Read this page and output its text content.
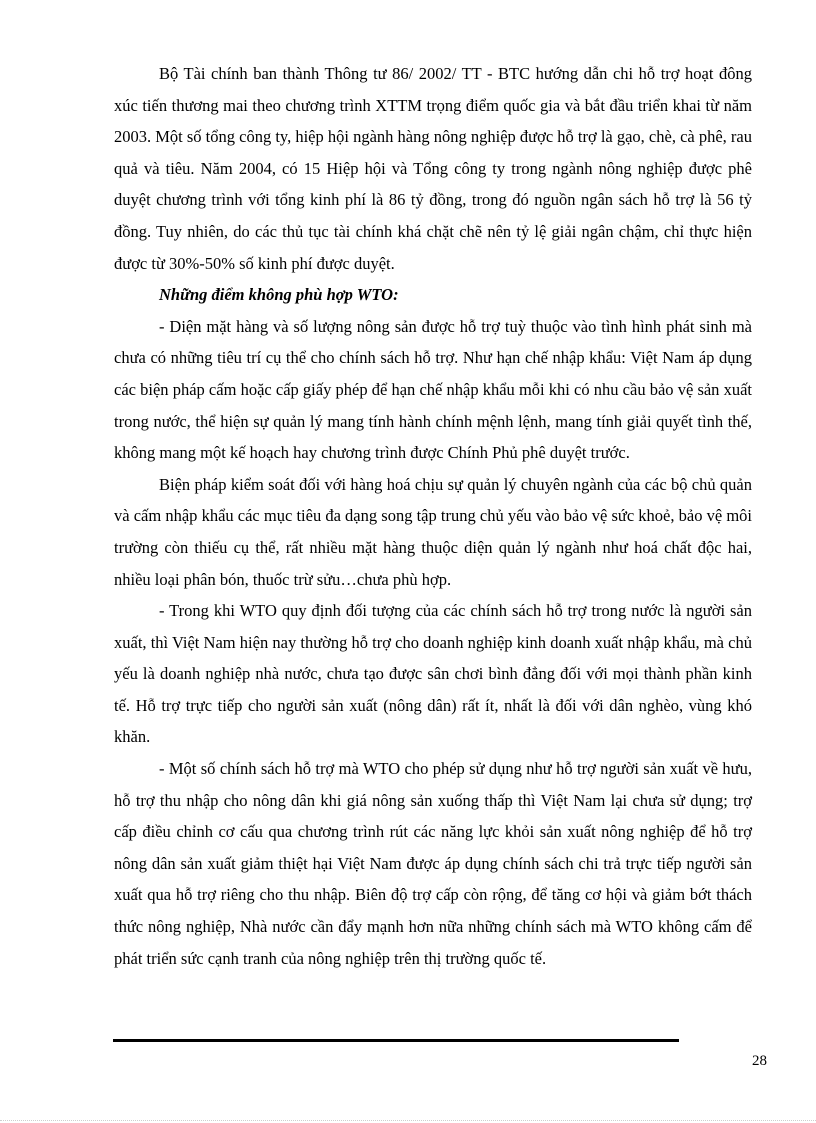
Bộ Tài chính ban thành Thông tư 86/ 2002/ TT - BTC hướng dẫn chi hỗ trợ hoạt đông xúc tiến thương mai theo chương trình XTTM trọng điểm quốc gia và bắt đầu triển khai từ năm 2003. Một số tổng công ty, hiệp hội ngành hàng nông nghiệp được hỗ trợ là gạo, chè, cà phê, rau quả và tiêu. Năm 2004, có 15 Hiệp hội và Tổng công ty trong ngành nông nghiệp được phê duyệt chương trình với tổng kinh phí là 86 tỷ đồng, trong đó nguồn ngân sách hỗ trợ là 56 tỷ đồng. Tuy nhiên, do các thủ tục tài chính khá chặt chẽ nên tỷ lệ giải ngân chậm, chỉ thực hiện được từ 30%-50% số kinh phí được duyệt.

Những điểm không phù hợp WTO:

- Diện mặt hàng và số lượng nông sản được hỗ trợ tuỳ thuộc vào tình hình phát sinh mà chưa có những tiêu trí cụ thể cho chính sách hỗ trợ. Như hạn chế nhập khẩu: Việt Nam áp dụng các biện pháp cấm hoặc cấp giấy phép để hạn chế nhập khẩu mỗi khi có nhu cầu bảo vệ sản xuất trong nước, thể hiện sự quản lý mang tính hành chính mệnh lệnh, mang tính giải quyết tình thế, không mang một kế hoạch hay chương trình được Chính Phủ phê duyệt trước.

Biện pháp kiểm soát đối với hàng hoá chịu sự quản lý chuyên ngành của các bộ chủ quản và cấm nhập khẩu các mục tiêu đa dạng song tập trung chủ yếu vào bảo vệ sức khoẻ, bảo vệ môi trường còn thiếu cụ thể, rất nhiều mặt hàng thuộc diện quản lý ngành như hoá chất độc hai, nhiều loại phân bón, thuốc trừ sửu…chưa phù hợp.

- Trong khi WTO quy định đối tượng của các chính sách hỗ trợ trong nước là người sản xuất, thì Việt Nam hiện nay thường hỗ trợ cho doanh nghiệp kinh doanh xuất nhập khẩu, mà chủ yếu là doanh nghiệp nhà nước, chưa tạo được sân chơi bình đẳng đối với mọi thành phần kinh tế. Hỗ trợ trực tiếp cho người sản xuất (nông dân) rất ít, nhất là đối với dân nghèo, vùng khó khăn.

- Một số chính sách hỗ trợ mà WTO cho phép sử dụng như hỗ trợ người sản xuất về hưu, hỗ trợ thu nhập cho nông dân khi giá nông sản xuống thấp thì Việt Nam lại chưa sử dụng; trợ cấp điều chỉnh cơ cấu qua chương trình rút các năng lực khỏi sản xuất nông nghiệp để hỗ trợ nông dân sản xuất giảm thiệt hại Việt Nam được áp dụng chính sách chi trả trực tiếp người sản xuất qua hỗ trợ riêng cho thu nhập. Biên độ trợ cấp còn rộng, để tăng cơ hội và giảm bớt thách thức nông nghiệp, Nhà nước cần đẩy mạnh hơn nữa những chính sách mà WTO không cấm để phát triển sức cạnh tranh của nông nghiệp trên thị trường quốc tế.

28
